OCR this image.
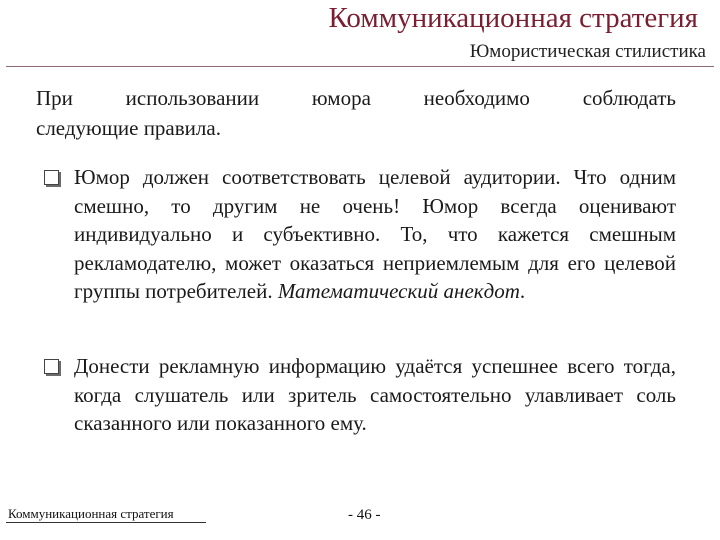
Коммуникационная стратегия
Юмористическая стилистика
При использовании юмора необходимо соблюдать
следующие правила.
Юмор должен соответствовать целевой аудитории. Что одним смешно, то другим не очень! Юмор всегда оценивают индивидуально и субъективно. То, что кажется смешным рекламодателю, может оказаться неприемлемым для его целевой группы потребителей. Математический анекдот.
Донести рекламную информацию удаётся успешнее всего тогда, когда слушатель или зритель самостоятельно улавливает соль сказанного или показанного ему.
Коммуникационная стратегия	- 46 -
